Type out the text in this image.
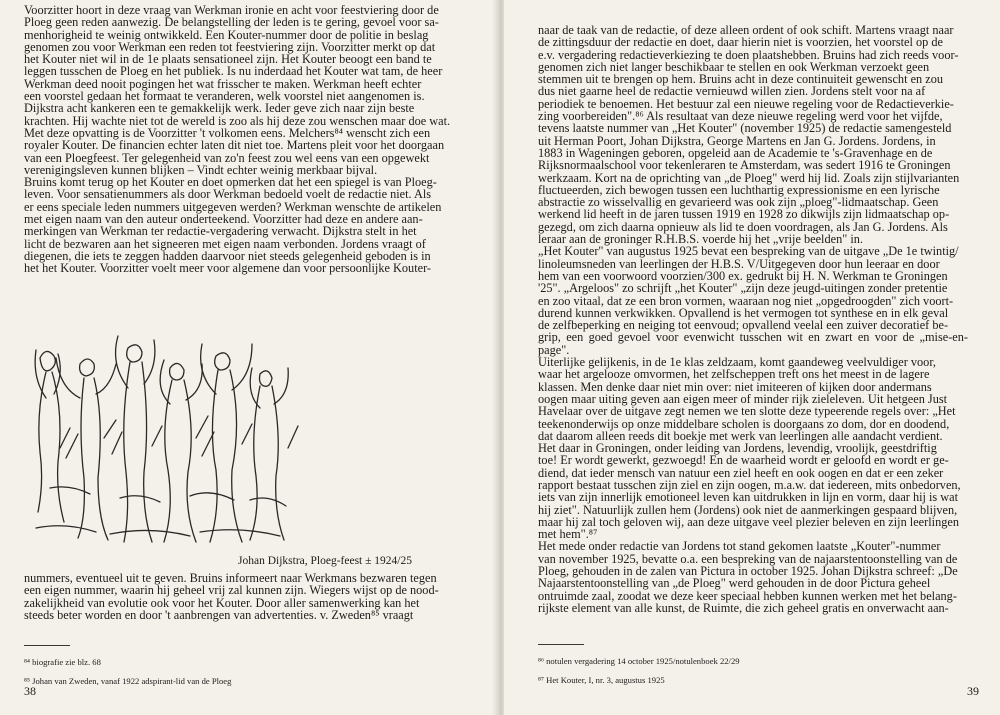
Voorzitter hoort in deze vraag van Werkman ironie en acht voor feestviering door de

Ploeg geen reden aanwezig. De belangstelling der leden is te gering, gevoel voor sa-

menhorigheid te weinig ontwikkeld. Een Kouter-nummer door de politie in beslag

genomen zou voor Werkman een reden tot feestviering zijn. Voorzitter merkt op dat

het Kouter niet wil in de 1e plaats sensationeel zijn. Het Kouter beoogt een band te

leggen tusschen de Ploeg en het publiek. Is nu inderdaad het Kouter wat tam, de heer

Werkman deed nooit pogingen het wat frisscher te maken. Werkman heeft echter

een voorstel gedaan het formaat te veranderen, welk voorstel niet aangenomen is.

Dijkstra acht kankeren een te gemakkelijk werk. Ieder geve zich naar zijn beste

krachten. Hij wachte niet tot de wereld is zoo als hij deze zou wenschen maar doe wat.

Met deze opvatting is de Voorzitter 't volkomen eens. Melchers⁸⁴ wenscht zich een

royaler Kouter. De financien echter laten dit niet toe. Martens pleit voor het doorgaan

van een Ploegfeest. Ter gelegenheid van zo'n feest zou wel eens van een opgewekt

verenigingsleven kunnen blijken – Vindt echter weinig merkbaar bijval.

Bruins komt terug op het Kouter en doet opmerken dat het een spiegel is van Ploeg-

leven. Voor sensatienummers als door Werkman bedoeld voelt de redactie niet. Als

er eens speciale leden nummers uitgegeven werden? Werkman wenschte de artikelen

met eigen naam van den auteur onderteekend. Voorzitter had deze en andere aan-

merkingen van Werkman ter redactie-vergadering verwacht. Dijkstra stelt in het

licht de bezwaren aan het signeeren met eigen naam verbonden. Jordens vraagt of

diegenen, die iets te zeggen hadden daarvoor niet steeds gelegenheid geboden is in

het het Kouter. Voorzitter voelt meer voor algemene dan voor persoonlijke Kouter-

Johan Dijkstra, Ploeg-feest ± 1924/25

nummers, eventueel uit te geven. Bruins informeert naar Werkmans bezwaren tegen

een eigen nummer, waarin hij geheel vrij zal kunnen zijn. Wiegers wijst op de nood-

zakelijkheid van evolutie ook voor het Kouter. Door aller samenwerking kan het

steeds beter worden en door 't aanbrengen van advertenties. v. Zweden⁸⁵ vraagt

⁸⁴ biografie zie blz. 68

⁸⁵ Johan van Zweden, vanaf 1922 adspirant-lid van de Ploeg

38

naar de taak van de redactie, of deze alleen ordent of ook schift. Martens vraagt naar

de zittingsduur der redactie en doet, daar hierin niet is voorzien, het voorstel op de

e.v. vergadering redactieverkiezing te doen plaatshebben. Bruins had zich reeds voor-

genomen zich niet langer beschikbaar te stellen en ook Werkman verzoekt geen

stemmen uit te brengen op hem. Bruins acht in deze continuiteit gewenscht en zou

dus niet gaarne heel de redactie vernieuwd willen zien. Jordens stelt voor na af

periodiek te benoemen. Het bestuur zal een nieuwe regeling voor de Redactieverkie-

zing voorbereiden".⁸⁶ Als resultaat van deze nieuwe regeling werd voor het vijfde,

tevens laatste nummer van „Het Kouter" (november 1925) de redactie samengesteld

uit Herman Poort, Johan Dijkstra, George Martens en Jan G. Jordens. Jordens, in

1883 in Wageningen geboren, opgeleid aan de Academie te 's-Gravenhage en de

Rijksnormaalschool voor tekenleraren te Amsterdam, was sedert 1916 te Groningen

werkzaam. Kort na de oprichting van „de Ploeg" werd hij lid. Zoals zijn stijlvarianten

fluctueerden, zich bewogen tussen een luchthartig expressionisme en een lyrische

abstractie zo wisselvallig en gevarieerd was ook zijn „ploeg"-lidmaatschap. Geen

werkend lid heeft in de jaren tussen 1919 en 1928 zo dikwijls zijn lidmaatschap op-

gezegd, om zich daarna opnieuw als lid te doen voordragen, als Jan G. Jordens. Als

leraar aan de groninger R.H.B.S. voerde hij het „vrije beelden" in.

„Het Kouter" van augustus 1925 bevat een bespreking van de uitgave „De 1e twintig/

linoleumsneden van leerlingen der H.B.S. V/Uitgegeven door hun leeraar en door

hem van een voorwoord voorzien/300 ex. gedrukt bij H. N. Werkman te Groningen

'25". „Argeloos" zo schrijft „het Kouter" „zijn deze jeugd-uitingen zonder pretentie

en zoo vitaal, dat ze een bron vormen, waaraan nog niet „opgedroogden" zich voort-

durend kunnen verkwikken. Opvallend is het vermogen tot synthese en in elk geval

de zelfbeperking en neiging tot eenvoud; opvallend veelal een zuiver decoratief be-

grip, een goed gevoel voor evenwicht tusschen wit en zwart en voor de „mise-en-page".

Uiterlijke gelijkenis, in de 1e klas zeldzaam, komt gaandeweg veelvuldiger voor,

waar het argelooze omvormen, het zelfscheppen treft ons het meest in de lagere

klassen. Men denke daar niet min over: niet imiteeren of kijken door andermans

oogen maar uiting geven aan eigen meer of minder rijk zieleleven. Uit hetgeen Just

Havelaar over de uitgave zegt nemen we ten slotte deze typeerende regels over: „Het

teekenonderwijs op onze middelbare scholen is doorgaans zo dom, dor en doodend,

dat daarom alleen reeds dit boekje met werk van leerlingen alle aandacht verdient.

Het daar in Groningen, onder leiding van Jordens, levendig, vroolijk, geestdriftig

toe! Er wordt gewerkt, gezwoegd! En de waarheid wordt er geloofd en wordt er ge-

diend, dat ieder mensch van natuur een ziel heeft en ook oogen en dat er een zeker

rapport bestaat tusschen zijn ziel en zijn oogen, m.a.w. dat iedereen, mits onbedorven,

iets van zijn innerlijk emotioneel leven kan uitdrukken in lijn en vorm, daar hij is wat

hij ziet". Natuurlijk zullen hem (Jordens) ook niet de aanmerkingen gespaard blijven,

maar hij zal toch geloven wij, aan deze uitgave veel plezier beleven en zijn leerlingen

met hem".⁸⁷

Het mede onder redactie van Jordens tot stand gekomen laatste „Kouter"-nummer

van november 1925, bevatte o.a. een bespreking van de najaarstentoonstelling van de

Ploeg, gehouden in de zalen van Pictura in october 1925. Johan Dijkstra schreef: „De

Najaarstentoonstelling van „de Ploeg" werd gehouden in de door Pictura geheel

ontruimde zaal, zoodat we deze keer speciaal hebben kunnen werken met het belang-

rijkste element van alle kunst, de Ruimte, die zich geheel gratis en onverwacht aan-

⁸⁶ notulen vergadering 14 october 1925/notulenboek 22/29

⁸⁷ Het Kouter, I, nr. 3, augustus 1925

39
